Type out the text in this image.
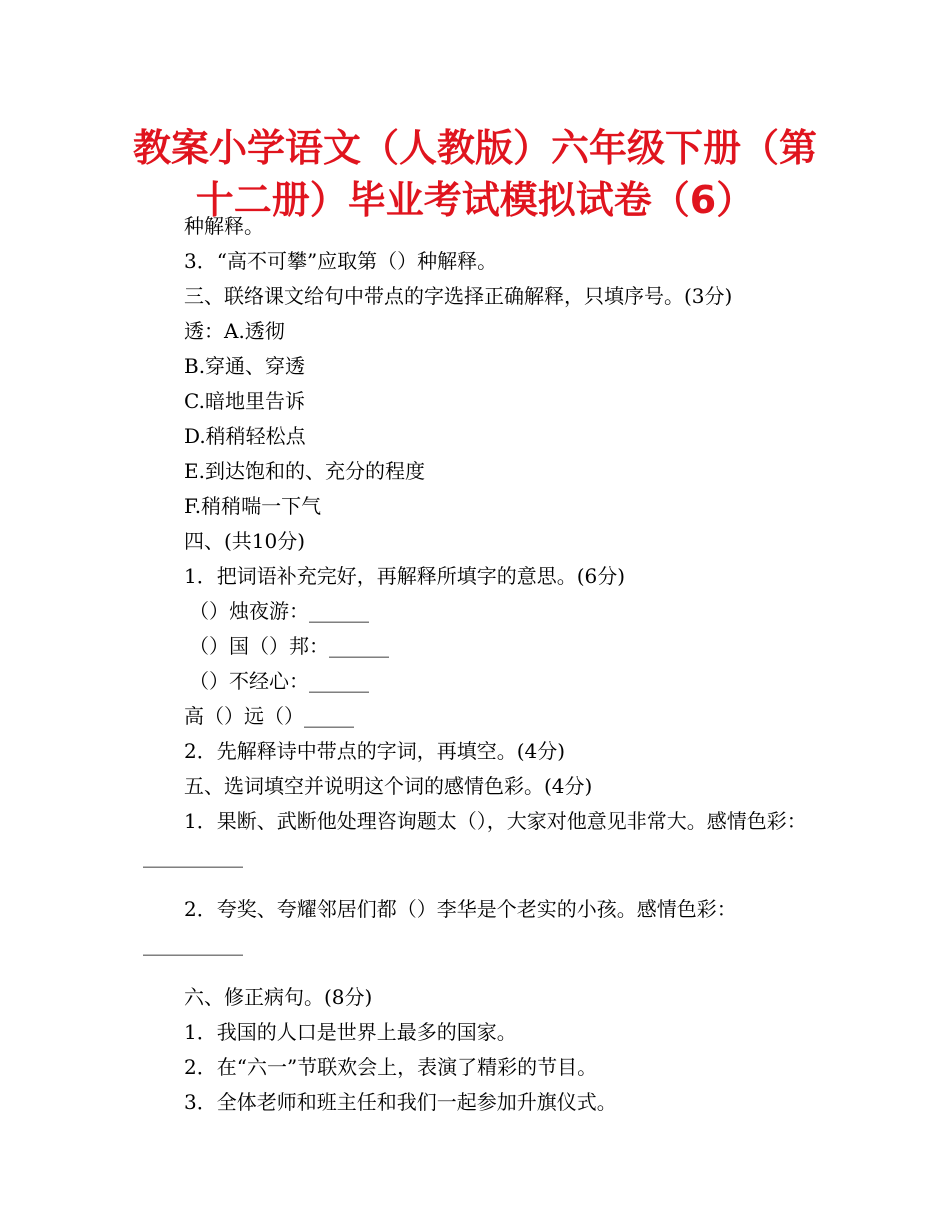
教案小学语文（人教版）六年级下册（第
十二册）毕业考试模拟试卷（6）
种解释。
3．“高不可攀”应取第（）种解释。
三、联络课文给句中带点的字选择正确解释，只填序号。(3分)
透：A.透彻
B.穿通、穿透
C.暗地里告诉
D.稍稍轻松点
E.到达饱和的、充分的程度
F.稍稍喘一下气
四、(共10分)
1．把词语补充完好，再解释所填字的意思。(6分)
（）烛夜游：______
（）国（）邦：______
（）不经心：______
高（）远（）_____
2．先解释诗中带点的字词，再填空。(4分)
五、选词填空并说明这个词的感情色彩。(4分)
1．果断、武断他处理咨询题太（），大家对他意见非常大。感情色彩：__________
2．夸奖、夸耀邻居们都（）李华是个老实的小孩。感情色彩：__________
六、修正病句。(8分)
1．我国的人口是世界上最多的国家。
2．在“六一”节联欢会上，表演了精彩的节目。
3．全体老师和班主任和我们一起参加升旗仪式。
